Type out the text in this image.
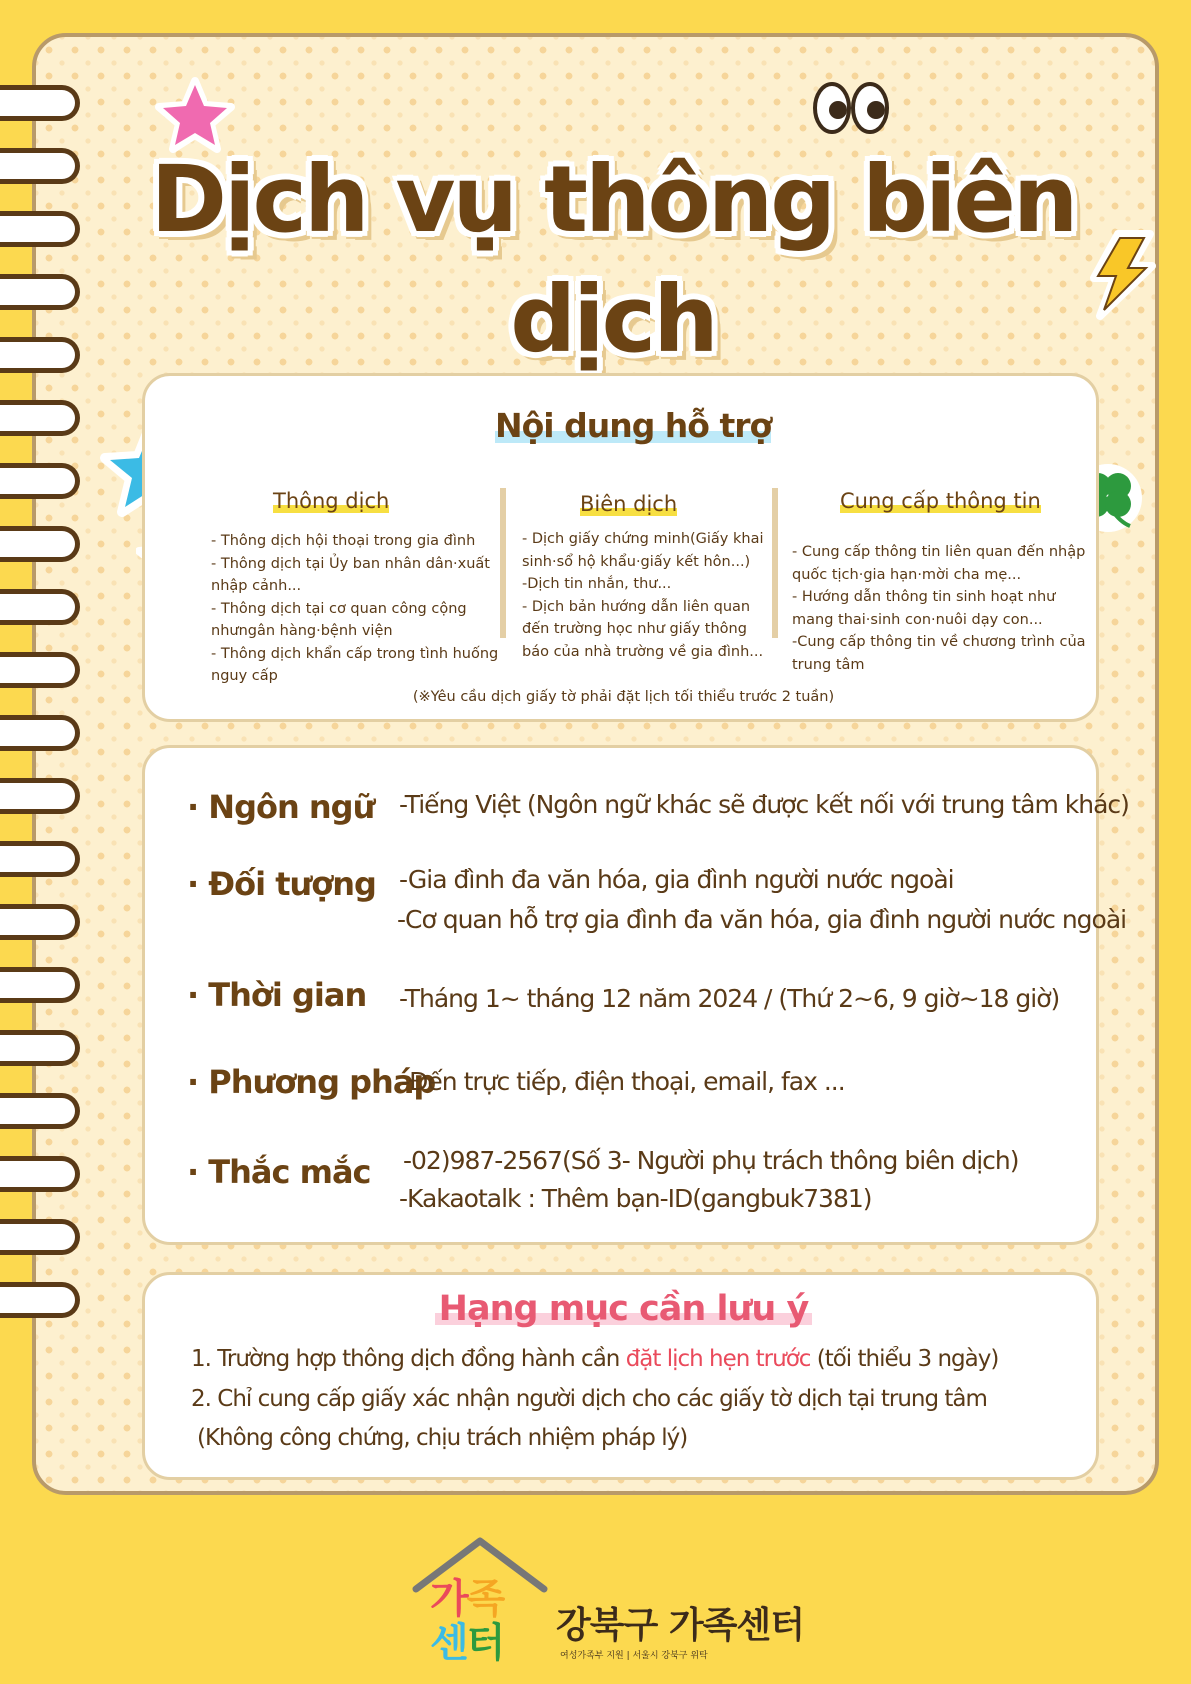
Dịch vụ thông biên dịch
Nội dung hỗ trợ
Thông dịch

- Thông dịch hội thoại trong gia đình

- Thông dịch tại Ủy ban nhân dân·xuất nhập cảnh...

- Thông dịch tại cơ quan công cộng nhưngân hàng·bệnh viện

- Thông dịch khẩn cấp trong tình huống nguy cấp

Biên dịch

- Dịch giấy chứng minh(Giấy khai sinh·sổ hộ khẩu·giấy kết hôn...)

-Dịch tin nhắn, thư...

- Dịch bản hướng dẫn liên quan đến trường học như giấy thông báo của nhà trường về gia đình...

Cung cấp thông tin

- Cung cấp thông tin liên quan đến nhập quốc tịch·gia hạn·mời cha mẹ...

- Hướng dẫn thông tin sinh hoạt như mang thai·sinh con·nuôi dạy con...

-Cung cấp thông tin về chương trình của trung tâm

(※Yêu cầu dịch giấy tờ phải đặt lịch tối thiểu trước 2 tuần)
· Ngôn ngữ -Tiếng Việt (Ngôn ngữ khác sẽ được kết nối với trung tâm khác)
· Đối tượng -Gia đình đa văn hóa, gia đình người nước ngoài
-Cơ quan hỗ trợ gia đình đa văn hóa, gia đình người nước ngoài
· Thời gian -Tháng 1~ tháng 12 năm 2024 / (Thứ 2~6, 9 giờ~18 giờ)
· Phương pháp
-Đến trực tiếp, điện thoại, email, fax ...
· Thắc mắc -02)987-2567(Số 3- Người phụ trách thông biên dịch)
-Kakaotalk : Thêm bạn-ID(gangbuk7381)
Hạng mục cần lưu ý
1. Trường hợp thông dịch đồng hành cần đặt lịch hẹn trước (tối thiểu 3 ngày)
2. Chỉ cung cấp giấy xác nhận người dịch cho các giấy tờ dịch tại trung tâm
(Không công chứng, chịu trách nhiệm pháp lý)
가족
센터	강북구 가족센터
여성가족부 지원 | 서울시 강북구 위탁
